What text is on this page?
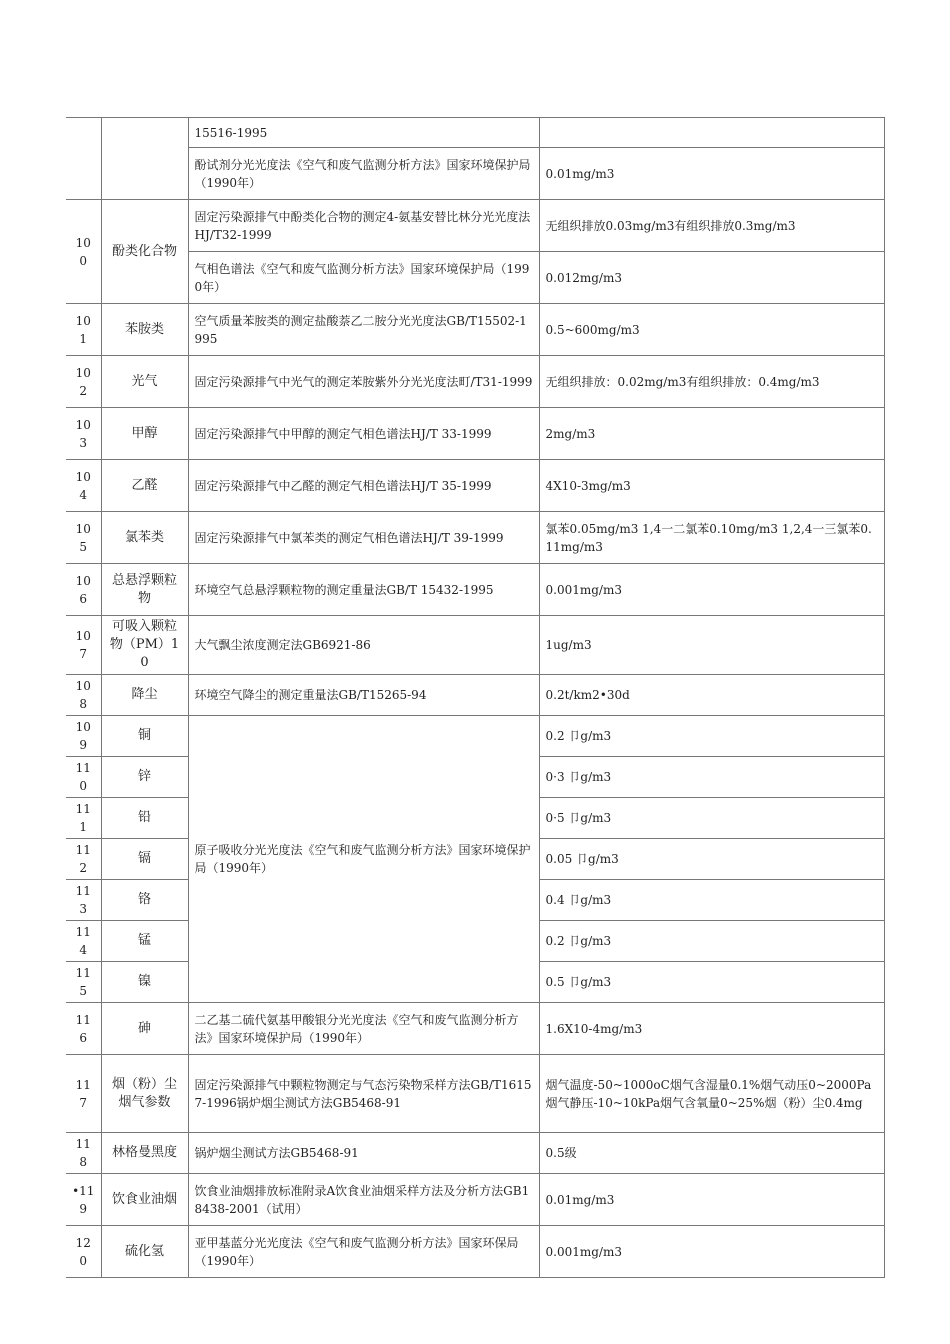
		15516-1995	
		酚试剂分光光度法《空气和废气监测分析方法》国家环境保护局（1990年）	0.01mg/m3
100	酚类化合物	固定污染源排气中酚类化合物的测定4-氨基安替比林分光光度法HJ/T32-1999	无组织排放0.03mg/m3有组织排放0.3mg/m3
		气相色谱法《空气和废气监测分析方法》国家环境保护局（1990年）	0.012mg/m3
101	苯胺类	空气质量苯胺类的测定盐酸萘乙二胺分光光度法GB/T15502-1995	0.5~600mg/m3
102	光气	固定污染源排气中光气的测定苯胺紫外分光光度法町/T31-1999	无组织排放：0.02mg/m3有组织排放：0.4mg/m3
103	甲醇	固定污染源排气中甲醇的测定气相色谱法HJ/T 33-1999	2mg/m3
104	乙醛	固定污染源排气中乙醛的测定气相色谱法HJ/T 35-1999	4X10-3mg/m3
105	氯苯类	固定污染源排气中氯苯类的测定气相色谱法HJ/T 39-1999	氯苯0.05mg/m3 1,4一二氯苯0.10mg/m3 1,2,4一三氯苯0.11mg/m3
106	总悬浮颗粒物	环境空气总悬浮颗粒物的测定重量法GB/T 15432-1995	0.001mg/m3
107	可吸入颗粒物（PM）10	大气飘尘浓度测定法GB6921-86	1ug/m3
108	降尘	环境空气降尘的测定重量法GB/T15265-94	0.2t/km2•30d
109	铜	原子吸收分光光度法《空气和废气监测分析方法》国家环境保护局（1990年）	0.2 卩g/m3
110	锌		0·3 卩g/m3
111	铅		0·5 卩g/m3
112	镉		0.05 卩g/m3
113	铬		0.4 卩g/m3
114	锰		0.2 卩g/m3
115	镍		0.5 卩g/m3
116	砷	二乙基二硫代氨基甲酸银分光光度法《空气和废气监测分析方法》国家环境保护局（1990年）	1.6X10-4mg/m3
117	烟（粉）尘烟气参数	固定污染源排气中颗粒物测定与气态污染物采样方法GB/T16157-1996锅炉烟尘测试方法GB5468-91	烟气温度-50~1000oC烟气含湿量0.1%烟气动压0~2000Pa烟气静压-10~10kPa烟气含氧量0~25%烟（粉）尘0.4mg
118	林格曼黑度	锅炉烟尘测试方法GB5468-91	0.5级
•119	饮食业油烟	饮食业油烟排放标准附录A饮食业油烟采样方法及分析方法GB18438-2001（试用）	0.01mg/m3
120	硫化氢	亚甲基蓝分光光度法《空气和废气监测分析方法》国家环保局（1990年）	0.001mg/m3
